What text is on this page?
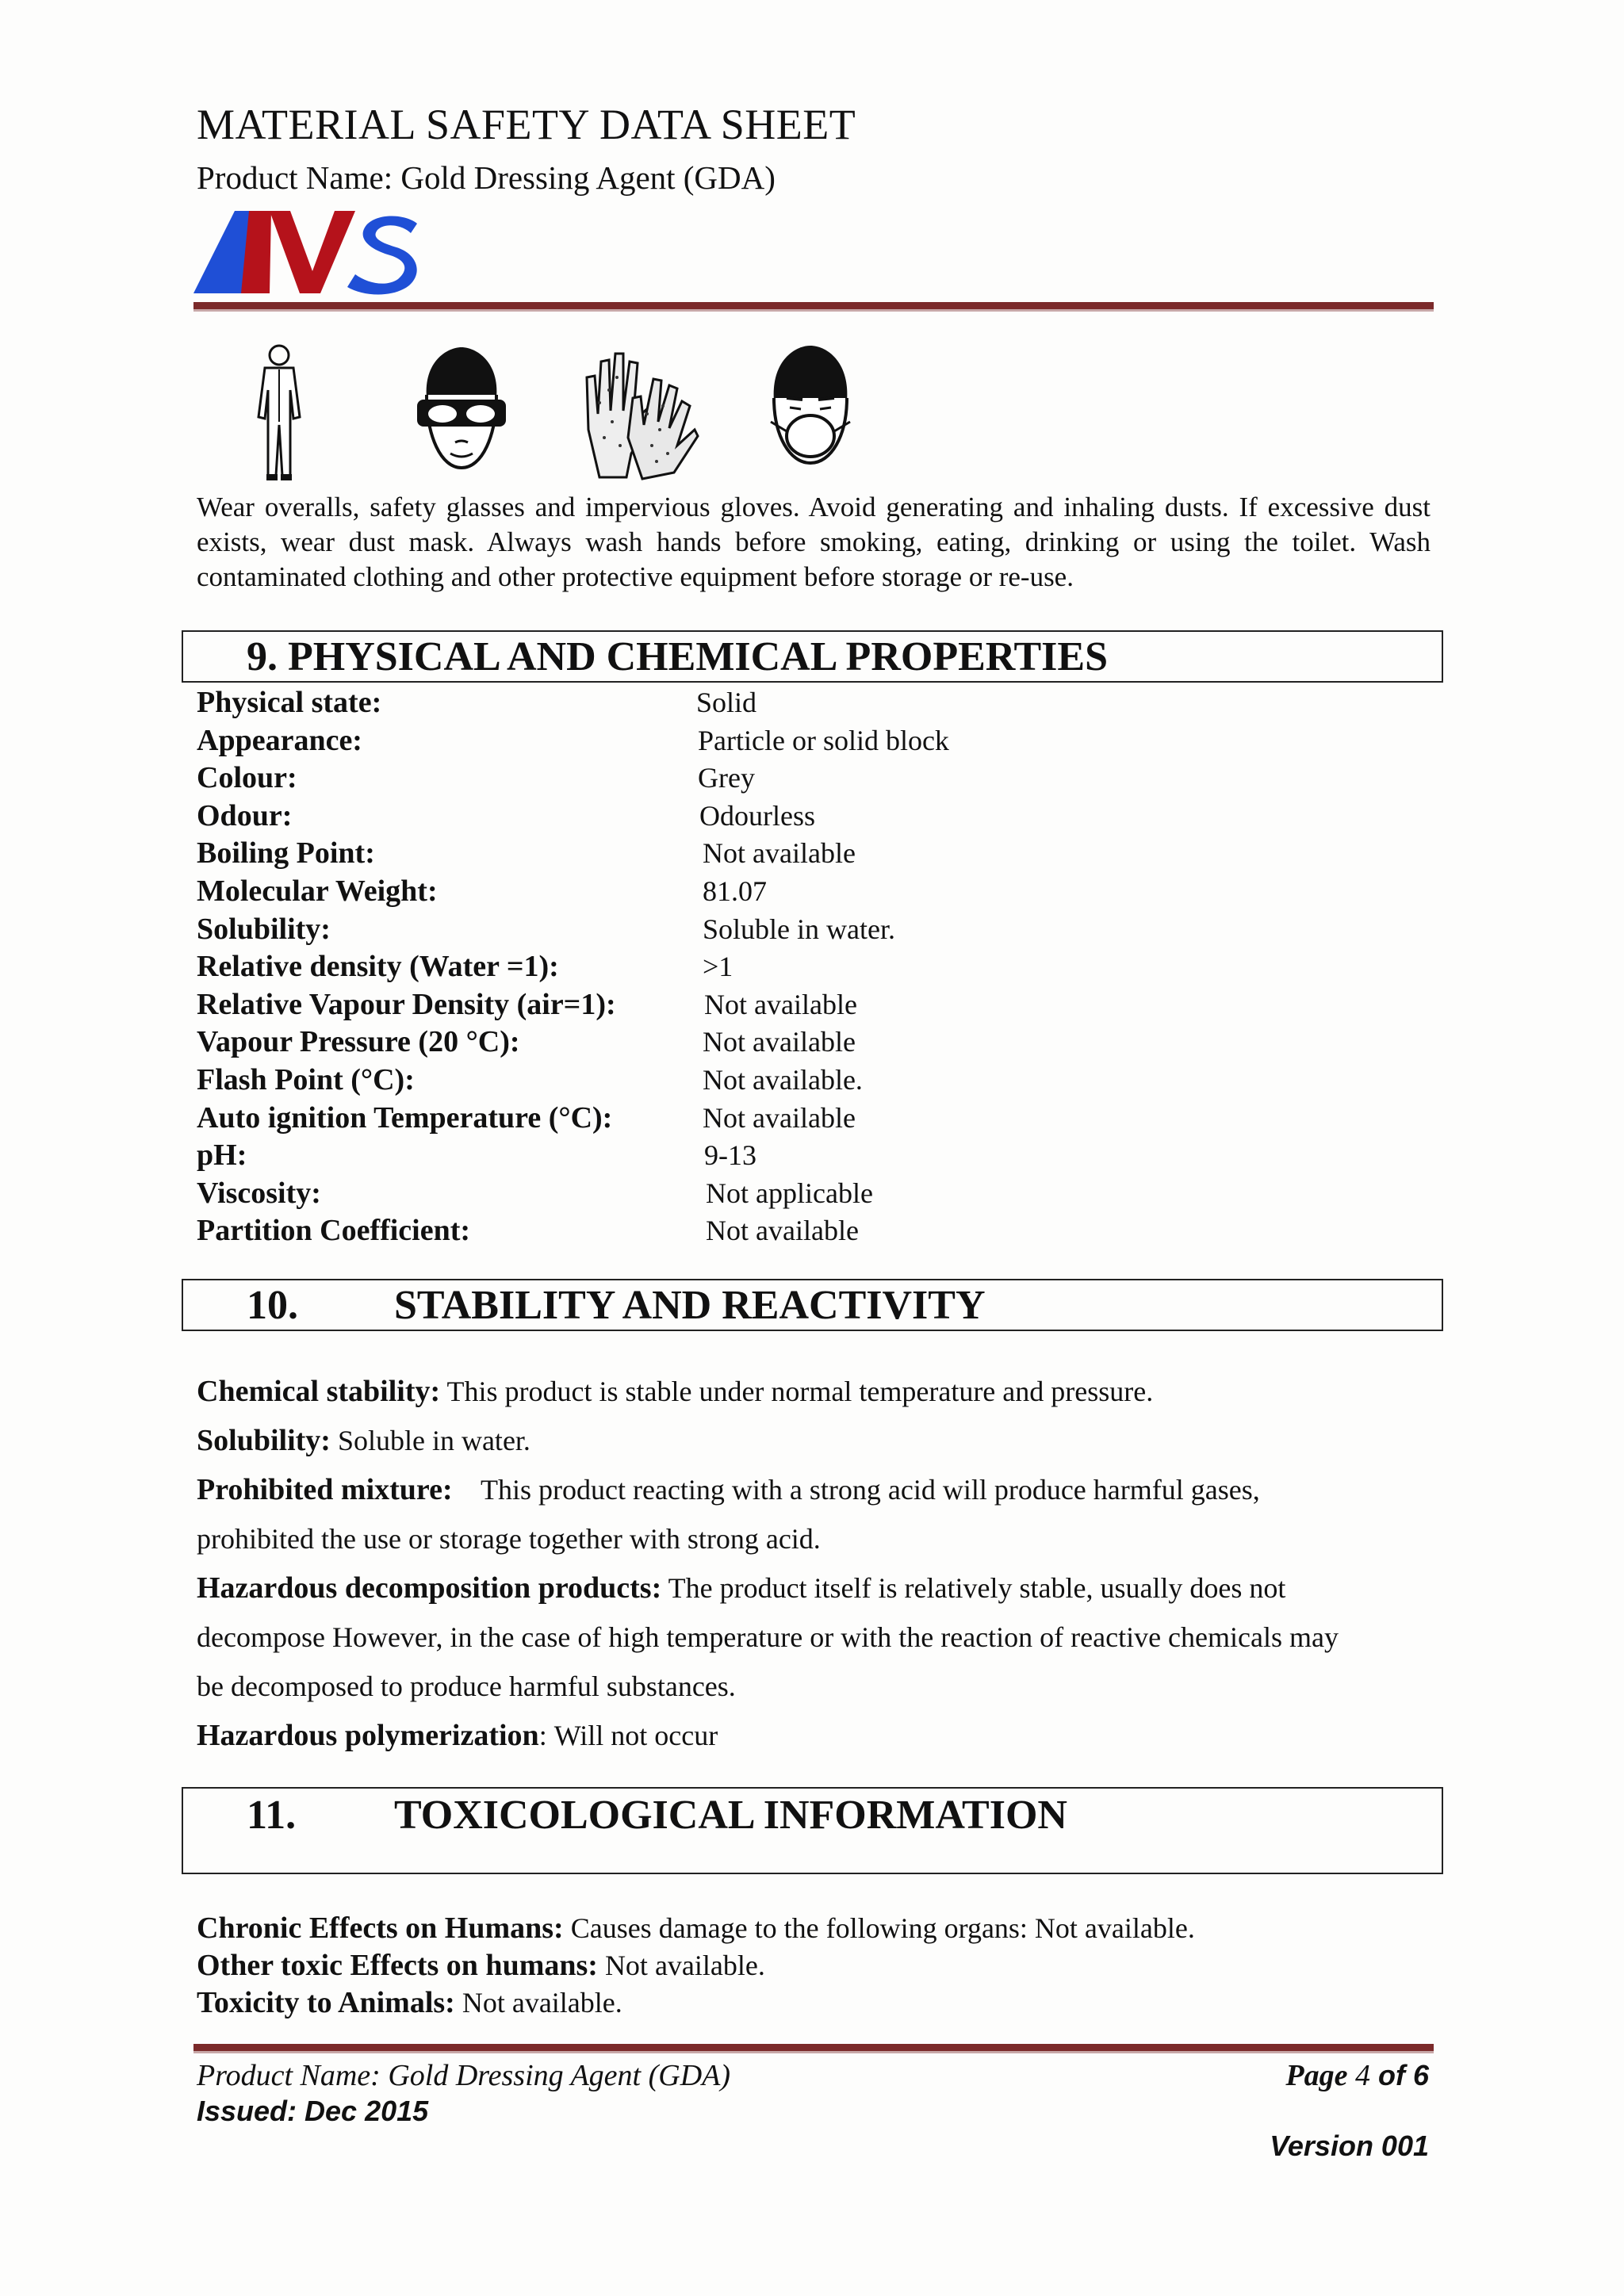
MATERIAL SAFETY DATA SHEET
Product Name: Gold Dressing Agent (GDA)
Wear overalls, safety glasses and impervious gloves. Avoid generating and inhaling dusts. If excessive dust exists, wear dust mask. Always wash hands before smoking, eating, drinking or using the toilet. Wash contaminated clothing and other protective equipment before storage or re-use.
9. PHYSICAL AND CHEMICAL PROPERTIES
Physical state:	Solid
Appearance:	Particle or solid block
Colour:	Grey
Odour:	Odourless
Boiling Point:	Not available
Molecular Weight:	81.07
Solubility:	Soluble in water.
Relative density (Water =1):	>1
Relative Vapour Density (air=1):	Not available
Vapour Pressure (20 °C):	Not available
Flash Point (°C):	Not available.
Auto ignition Temperature (°C):	Not available
pH:	9-13
Viscosity:	Not applicable
Partition Coefficient:	Not available
10. STABILITY AND REACTIVITY
Chemical stability: This product is stable under normal temperature and pressure.
Solubility: Soluble in water.
Prohibited mixture: This product reacting with a strong acid will produce harmful gases,
prohibited the use or storage together with strong acid.
Hazardous decomposition products: The product itself is relatively stable, usually does not
decompose However, in the case of high temperature or with the reaction of reactive chemicals may
be decomposed to produce harmful substances.
Hazardous polymerization: Will not occur
11. TOXICOLOGICAL INFORMATION
Chronic Effects on Humans: Causes damage to the following organs: Not available.
Other toxic Effects on humans: Not available.
Toxicity to Animals: Not available.
Product Name: Gold Dressing Agent (GDA)	Page 4 of 6
Issued: Dec 2015
Version 001
